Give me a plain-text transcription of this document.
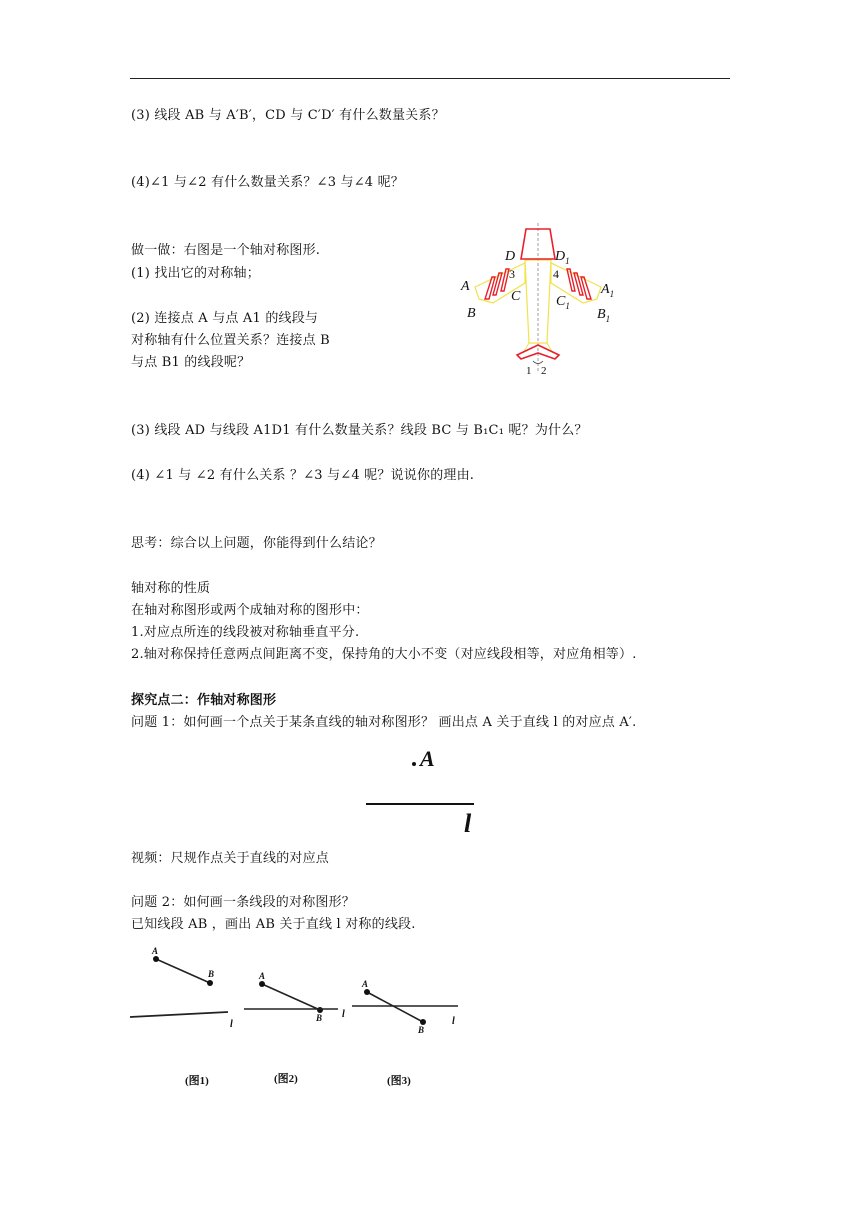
(3) 线段 AB 与 A′B′，CD 与 C′D′ 有什么数量关系？
(4)∠1 与∠2 有什么数量关系？∠3 与∠4 呢？
做一做：右图是一个轴对称图形.
(1) 找出它的对称轴；
(2) 连接点 A 与点 A1 的线段与
对称轴有什么位置关系？连接点 B
与点 B1 的线段呢？
D	$D_1$
3	4
A	$A_1$
C	$C_1$
B	$B_1$
1 2
(3) 线段 AD 与线段 A1D1 有什么数量关系？线段 BC 与 B₁C₁ 呢？为什么？
(4) ∠1 与 ∠2 有什么关系 ？∠3 与∠4 呢？说说你的理由.
思考：综合以上问题，你能得到什么结论？
轴对称的性质
在轴对称图形或两个成轴对称的图形中：
1.对应点所连的线段被对称轴垂直平分.
2.轴对称保持任意两点间距离不变，保持角的大小不变（对应线段相等，对应角相等）.
探究点二：作轴对称图形
问题 1：如何画一个点关于某条直线的轴对称图形？ 画出点 A 关于直线 l 的对应点 A′.
A
l
视频：尺规作点关于直线的对应点
问题 2：如何画一条线段的对称图形？
已知线段 AB ，画出 AB 关于直线 l 对称的线段.
A
B
l
A
B l
A
B
l
(图1)	(图2)	(图3)
